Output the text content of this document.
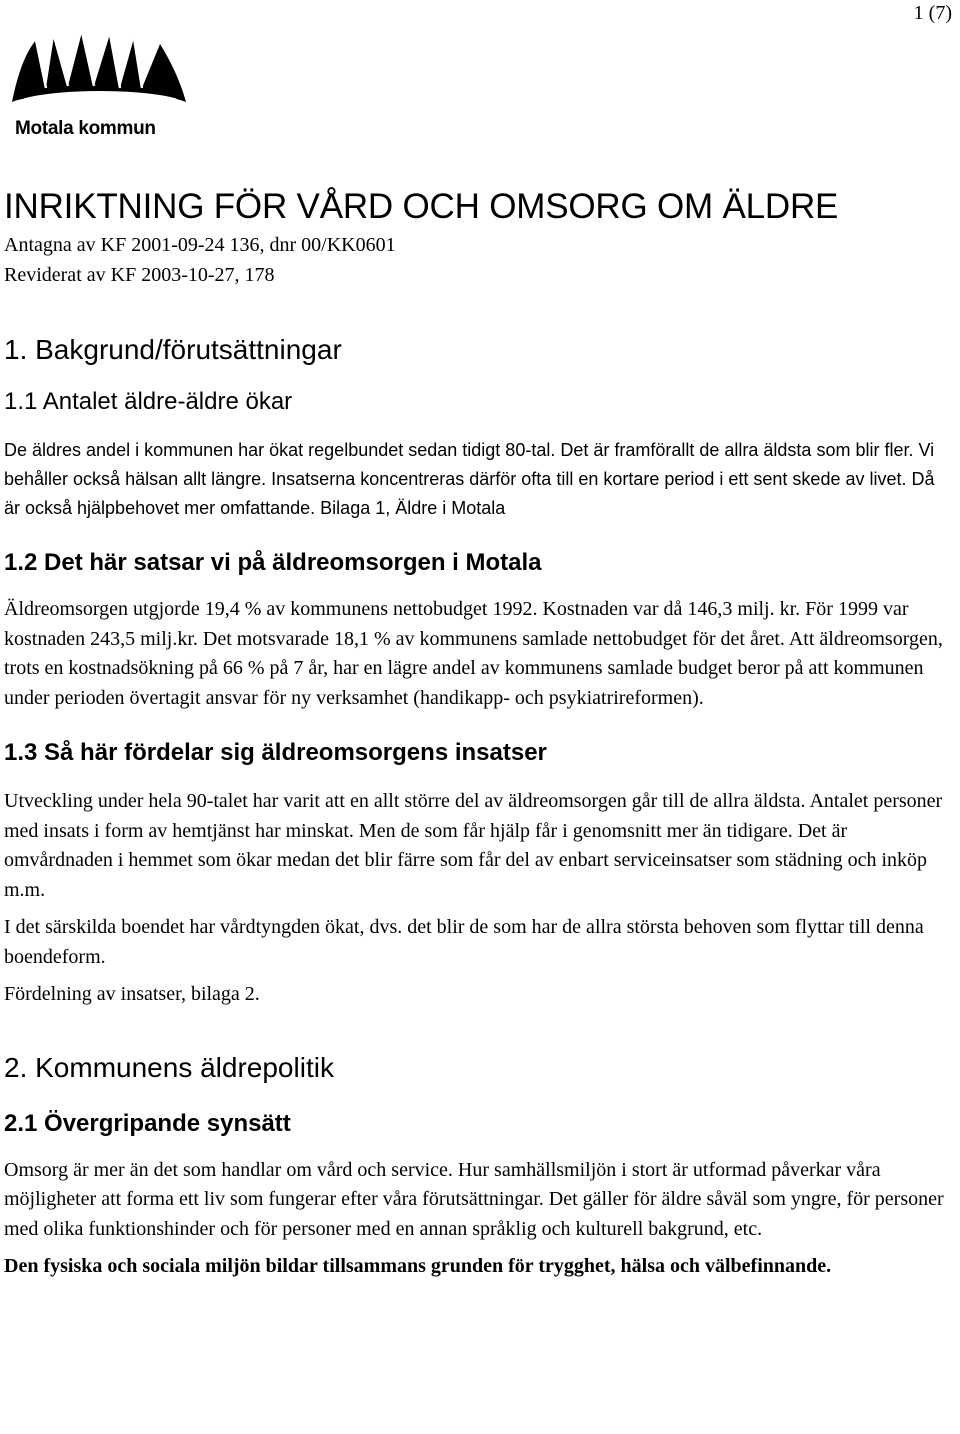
1 (7)
Motala kommun
INRIKTNING FÖR VÅRD OCH OMSORG OM ÄLDRE
Antagna av KF 2001-09-24 136, dnr 00/KK0601
Reviderat av KF 2003-10-27, 178
1. Bakgrund/förutsättningar
1.1 Antalet äldre-äldre ökar

De äldres andel i kommunen har ökat regelbundet sedan tidigt 80-tal. Det är framförallt de allra äldsta som blir fler. Vi behåller också hälsan allt längre. Insatserna koncentreras därför ofta till en kortare period i ett sent skede av livet. Då är också hjälpbehovet mer omfattande. Bilaga 1, Äldre i Motala

1.2 Det här satsar vi på äldreomsorgen i Motala

Äldreomsorgen utgjorde 19,4 % av kommunens nettobudget 1992. Kostnaden var då 146,3 milj. kr. För 1999 var kostnaden 243,5 milj.kr. Det motsvarade 18,1 % av kommunens samlade nettobudget för det året. Att äldreomsorgen, trots en kostnadsökning på 66 % på 7 år, har en lägre andel av kommunens samlade budget beror på att kommunen under perioden övertagit ansvar för ny verksamhet (handikapp- och psykiatrireformen).

1.3 Så här fördelar sig äldreomsorgens insatser

Utveckling under hela 90-talet har varit att en allt större del av äldreomsorgen går till de allra äldsta. Antalet personer med insats i form av hemtjänst har minskat. Men de som får hjälp får i genomsnitt mer än tidigare. Det är omvårdnaden i hemmet som ökar medan det blir färre som får del av enbart serviceinsatser som städning och inköp m.m.

I det särskilda boendet har vårdtyngden ökat, dvs. det blir de som har de allra största behoven som flyttar till denna boendeform.

Fördelning av insatser, bilaga 2.

2. Kommunens äldrepolitik
2.1 Övergripande synsätt

Omsorg är mer än det som handlar om vård och service. Hur samhällsmiljön i stort är utformad påverkar våra möjligheter att forma ett liv som fungerar efter våra förutsättningar. Det gäller för äldre såväl som yngre, för personer med olika funktionshinder och för personer med en annan språklig och kulturell bakgrund, etc.

Den fysiska och sociala miljön bildar tillsammans grunden för trygghet, hälsa och välbefinnande.
